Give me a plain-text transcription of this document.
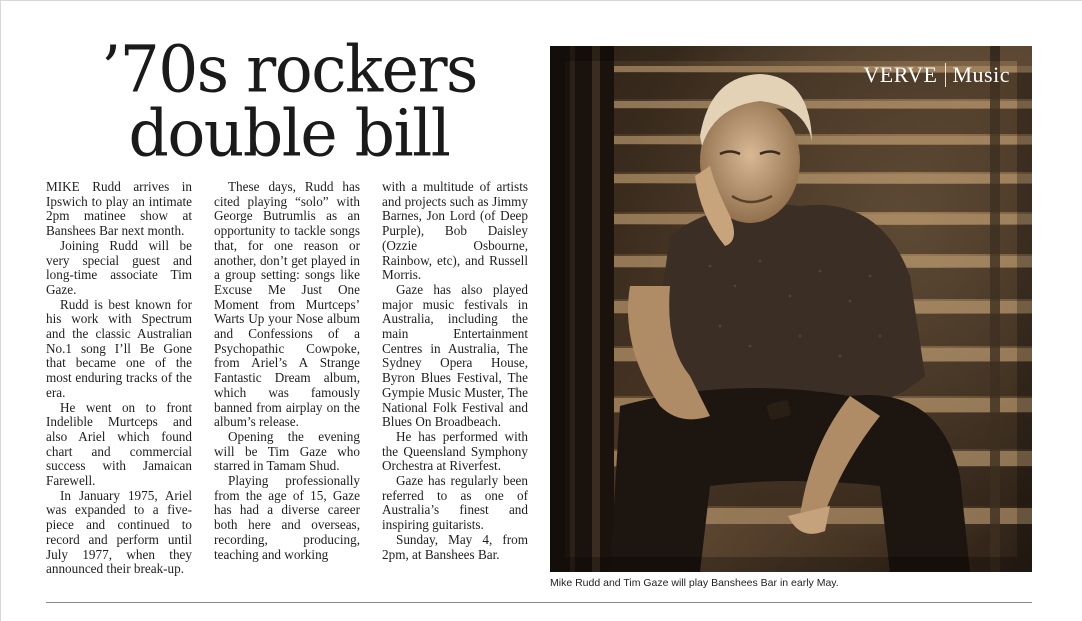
’70s rockers
double bill

MIKE Rudd arrives in Ipswich to play an intimate 2pm matinee show at Banshees Bar next month.

Joining Rudd will be very special guest and long-time associate Tim Gaze.

Rudd is best known for his work with Spectrum and the classic Australian No.1 song I’ll Be Gone that became one of the most enduring tracks of the era.

He went on to front Indelible Murtceps and also Ariel which found chart and commercial success with Jamaican Farewell.

In January 1975, Ariel was expanded to a five-piece and continued to record and perform until July 1977, when they announced their break-up.

These days, Rudd has cited playing “solo” with George Butrumlis as an opportunity to tackle songs that, for one reason or another, don’t get played in a group setting: songs like Excuse Me Just One Moment from Murtceps’ Warts Up your Nose album and Confessions of a Psychopathic Cowpoke, from Ariel’s A Strange Fantastic Dream album, which was famously banned from airplay on the album’s release.

Opening the evening will be Tim Gaze who starred in Tamam Shud.

Playing professionally from the age of 15, Gaze has had a diverse career both here and overseas, recording, producing, teaching and working

with a multitude of artists and projects such as Jimmy Barnes, Jon Lord (of Deep Purple), Bob Daisley (Ozzie Osbourne, Rainbow, etc), and Russell Morris.

Gaze has also played major music festivals in Australia, including the main Entertainment Centres in Australia, The Sydney Opera House, Byron Blues Festival, The Gympie Music Muster, The National Folk Festival and Blues On Broadbeach.

He has performed with the Queensland Symphony Orchestra at Riverfest.

Gaze has regularly been referred to as one of Australia’s finest and inspiring guitarists.

Sunday, May 4, from 2pm, at Banshees Bar.

VERVE Music
Mike Rudd and Tim Gaze will play Banshees Bar in early May.
